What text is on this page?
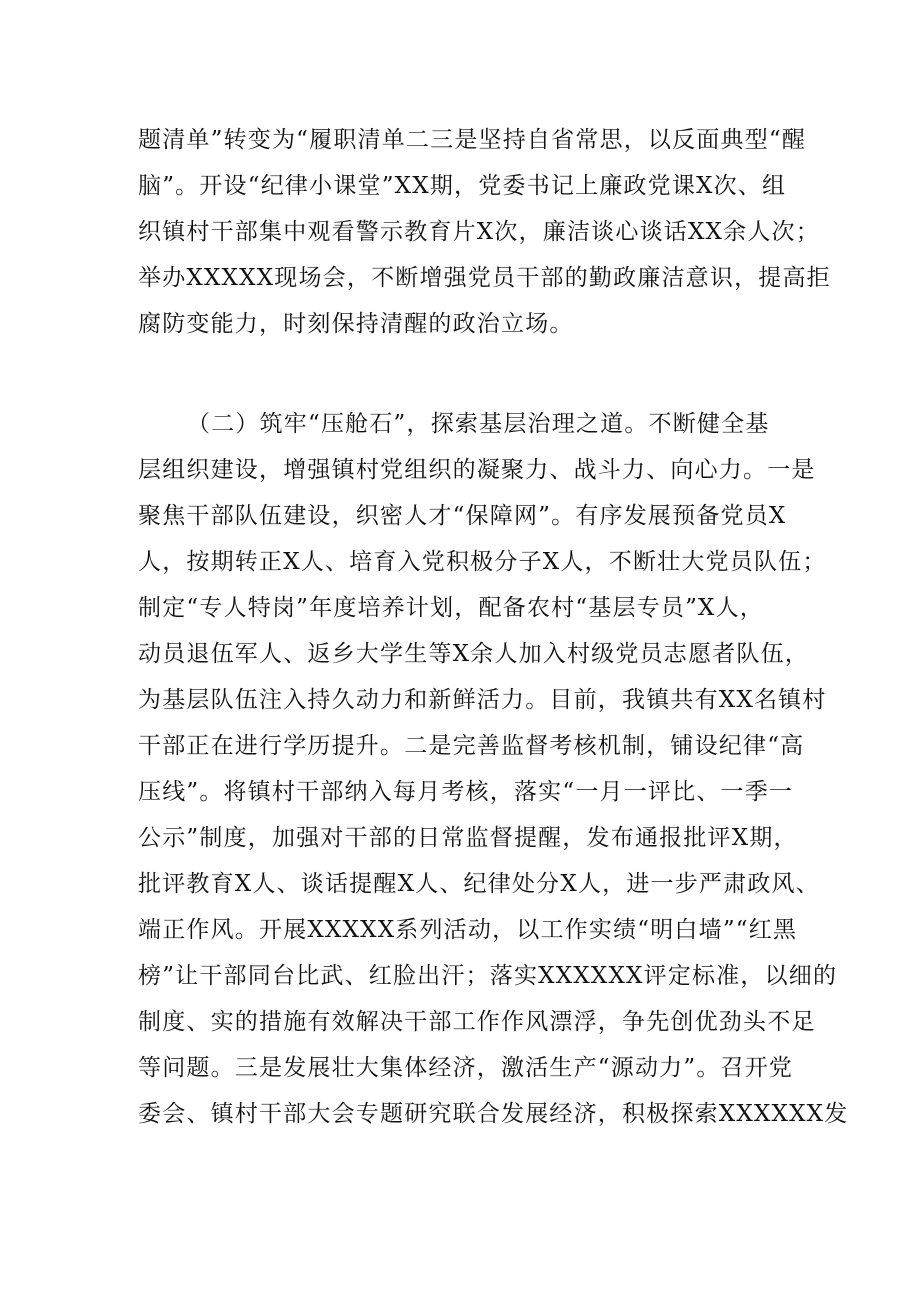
题清单”转变为“履职清单二三是坚持自省常思，以反面典型“醒
脑”。开设“纪律小课堂”XX期，党委书记上廉政党课X次、组
织镇村干部集中观看警示教育片X次，廉洁谈心谈话XX余人次；
举办XXXXX现场会，不断增强党员干部的勤政廉洁意识，提高拒
腐防变能力，时刻保持清醒的政治立场。
（二）筑牢“压舱石”，探索基层治理之道。不断健全基
层组织建设，增强镇村党组织的凝聚力、战斗力、向心力。一是
聚焦干部队伍建设，织密人才“保障网”。有序发展预备党员X
人，按期转正X人、培育入党积极分子X人，不断壮大党员队伍；
制定“专人特岗”年度培养计划，配备农村“基层专员”X人，
动员退伍军人、返乡大学生等X余人加入村级党员志愿者队伍，
为基层队伍注入持久动力和新鲜活力。目前，我镇共有XX名镇村
干部正在进行学历提升。二是完善监督考核机制，铺设纪律“高
压线”。将镇村干部纳入每月考核，落实“一月一评比、一季一
公示”制度，加强对干部的日常监督提醒，发布通报批评X期，
批评教育X人、谈话提醒X人、纪律处分X人，进一步严肃政风、
端正作风。开展XXXXX系列活动，以工作实绩“明白墙”“红黑
榜”让干部同台比武、红脸出汗；落实XXXXXX评定标准，以细的
制度、实的措施有效解决干部工作作风漂浮，争先创优劲头不足
等问题。三是发展壮大集体经济，激活生产“源动力”。召开党
委会、镇村干部大会专题研究联合发展经济，积极探索XXXXXX发
